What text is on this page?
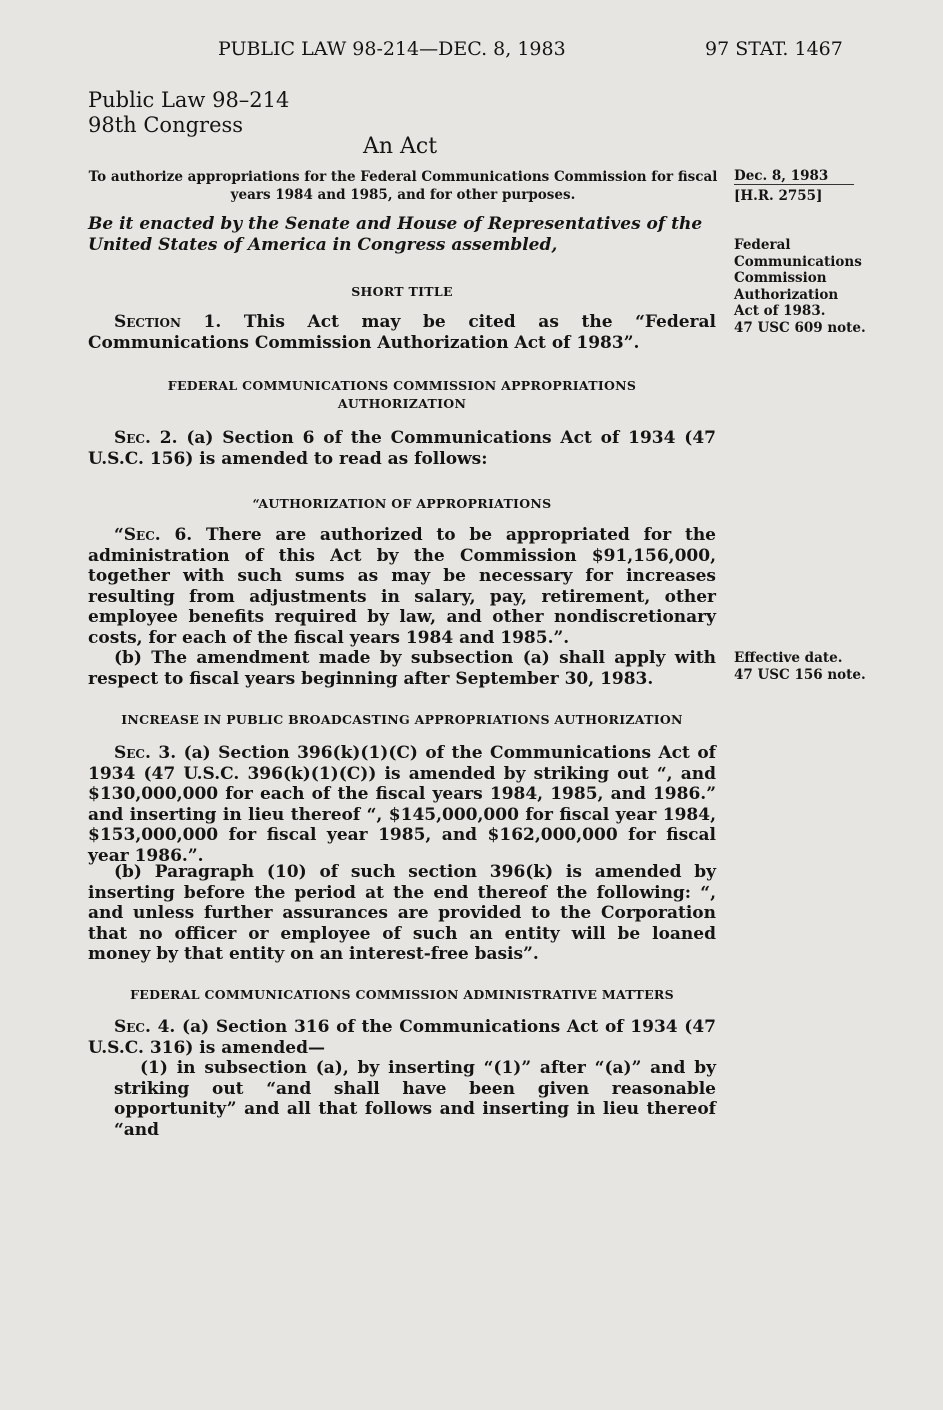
PUBLIC LAW 98-214—DEC. 8, 1983	97 STAT. 1467
Public Law 98–214
98th Congress
An Act
To authorize appropriations for the Federal Communications Commission for fiscal years 1984 and 1985, and for other purposes.
Be it enacted by the Senate and House of Representatives of the United States of America in Congress assembled,
SHORT TITLE

Section 1. This Act may be cited as the “Federal Communications Commission Authorization Act of 1983”.

FEDERAL COMMUNICATIONS COMMISSION APPROPRIATIONS
AUTHORIZATION

Sec. 2. (a) Section 6 of the Communications Act of 1934 (47 U.S.C. 156) is amended to read as follows:

“AUTHORIZATION OF APPROPRIATIONS

“Sec. 6. There are authorized to be appropriated for the administration of this Act by the Commission $91,156,000, together with such sums as may be necessary for increases resulting from adjustments in salary, pay, retirement, other employee benefits required by law, and other nondiscretionary costs, for each of the fiscal years 1984 and 1985.”.

(b) The amendment made by subsection (a) shall apply with respect to fiscal years beginning after September 30, 1983.

INCREASE IN PUBLIC BROADCASTING APPROPRIATIONS AUTHORIZATION

Sec. 3. (a) Section 396(k)(1)(C) of the Communications Act of 1934 (47 U.S.C. 396(k)(1)(C)) is amended by striking out “, and $130,000,000 for each of the fiscal years 1984, 1985, and 1986.” and inserting in lieu thereof “, $145,000,000 for fiscal year 1984, $153,000,000 for fiscal year 1985, and $162,000,000 for fiscal year 1986.”.

(b) Paragraph (10) of such section 396(k) is amended by inserting before the period at the end thereof the following: “, and unless further assurances are provided to the Corporation that no officer or employee of such an entity will be loaned money by that entity on an interest-free basis”.

FEDERAL COMMUNICATIONS COMMISSION ADMINISTRATIVE MATTERS

Sec. 4. (a) Section 316 of the Communications Act of 1934 (47 U.S.C. 316) is amended—

(1) in subsection (a), by inserting “(1)” after “(a)” and by striking out “and shall have been given reasonable opportunity” and all that follows and inserting in lieu thereof “and

Dec. 8, 1983
[H.R. 2755]
Federal
Communications
Commission
Authorization
Act of 1983.
47 USC 609 note.
Effective date.
47 USC 156 note.
